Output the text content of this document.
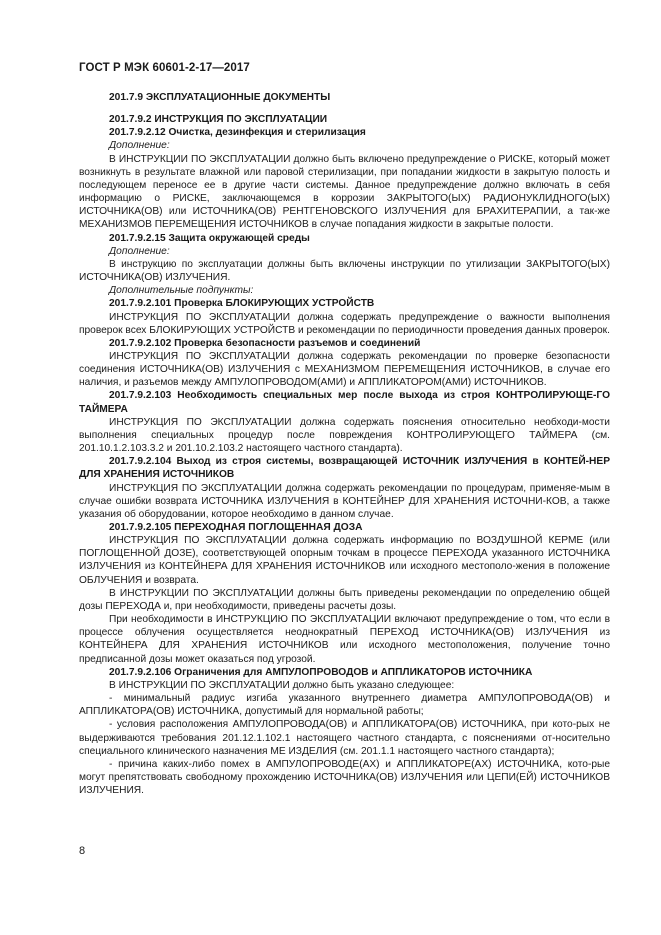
ГОСТ Р МЭК 60601-2-17—2017

201.7.9 ЭКСПЛУАТАЦИОННЫЕ ДОКУМЕНТЫ

201.7.9.2 ИНСТРУКЦИЯ ПО ЭКСПЛУАТАЦИИ

201.7.9.2.12 Очистка, дезинфекция и стерилизация

Дополнение:

В ИНСТРУКЦИИ ПО ЭКСПЛУАТАЦИИ должно быть включено предупреждение о РИСКЕ, который может возникнуть в результате влажной или паровой стерилизации, при попадании жидкости в закрытую полость и последующем переносе ее в другие части системы. Данное предупреждение должно включать в себя информацию о РИСКЕ, заключающемся в коррозии ЗАКРЫТОГО(ЫХ) РАДИОНУКЛИДНОГО(ЫХ) ИСТОЧНИКА(ОВ) или ИСТОЧНИКА(ОВ) РЕНТГЕНОВСКОГО ИЗЛУЧЕНИЯ для БРАХИТЕРАПИИ, а так-же МЕХАНИЗМОВ ПЕРЕМЕЩЕНИЯ ИСТОЧНИКОВ в случае попадания жидкости в закрытые полости.

201.7.9.2.15 Защита окружающей среды

Дополнение:

В инструкцию по эксплуатации должны быть включены инструкции по утилизации ЗАКРЫТОГО(ЫХ) ИСТОЧНИКА(ОВ) ИЗЛУЧЕНИЯ.

Дополнительные подпункты:

201.7.9.2.101 Проверка БЛОКИРУЮЩИХ УСТРОЙСТВ

ИНСТРУКЦИЯ ПО ЭКСПЛУАТАЦИИ должна содержать предупреждение о важности выполнения проверок всех БЛОКИРУЮЩИХ УСТРОЙСТВ и рекомендации по периодичности проведения данных проверок.

201.7.9.2.102 Проверка безопасности разъемов и соединений

ИНСТРУКЦИЯ ПО ЭКСПЛУАТАЦИИ должна содержать рекомендации по проверке безопасности соединения ИСТОЧНИКА(ОВ) ИЗЛУЧЕНИЯ с МЕХАНИЗМОМ ПЕРЕМЕЩЕНИЯ ИСТОЧНИКОВ, в случае его наличия, и разъемов между АМПУЛОПРОВОДОМ(АМИ) и АППЛИКАТОРОМ(АМИ) ИСТОЧНИКОВ.

201.7.9.2.103 Необходимость специальных мер после выхода из строя КОНТРОЛИРУЮЩЕ-ГО ТАЙМЕРА

ИНСТРУКЦИЯ ПО ЭКСПЛУАТАЦИИ должна содержать пояснения относительно необходи-мости выполнения специальных процедур после повреждения КОНТРОЛИРУЮЩЕГО ТАЙМЕРА (см. 201.10.1.2.103.3.2 и 201.10.2.103.2 настоящего частного стандарта).

201.7.9.2.104 Выход из строя системы, возвращающей ИСТОЧНИК ИЗЛУЧЕНИЯ в КОНТЕЙ-НЕР ДЛЯ ХРАНЕНИЯ ИСТОЧНИКОВ

ИНСТРУКЦИЯ ПО ЭКСПЛУАТАЦИИ должна содержать рекомендации по процедурам, применяе-мым в случае ошибки возврата ИСТОЧНИКА ИЗЛУЧЕНИЯ в КОНТЕЙНЕР ДЛЯ ХРАНЕНИЯ ИСТОЧНИ-КОВ, а также указания об оборудовании, которое необходимо в данном случае.

201.7.9.2.105 ПЕРЕХОДНАЯ ПОГЛОЩЕННАЯ ДОЗА

ИНСТРУКЦИЯ ПО ЭКСПЛУАТАЦИИ должна содержать информацию по ВОЗДУШНОЙ КЕРМЕ (или ПОГЛОЩЕННОЙ ДОЗЕ), соответствующей опорным точкам в процессе ПЕРЕХОДА указанного ИСТОЧНИКА ИЗЛУЧЕНИЯ из КОНТЕЙНЕРА ДЛЯ ХРАНЕНИЯ ИСТОЧНИКОВ или исходного местополо-жения в положение ОБЛУЧЕНИЯ и возврата.

В ИНСТРУКЦИИ ПО ЭКСПЛУАТАЦИИ должны быть приведены рекомендации по определению общей дозы ПЕРЕХОДА и, при необходимости, приведены расчеты дозы.

При необходимости в ИНСТРУКЦИЮ ПО ЭКСПЛУАТАЦИИ включают предупреждение о том, что если в процессе облучения осуществляется неоднократный ПЕРЕХОД ИСТОЧНИКА(ОВ) ИЗЛУЧЕНИЯ из КОНТЕЙНЕРА ДЛЯ ХРАНЕНИЯ ИСТОЧНИКОВ или исходного местоположения, получение точно предписанной дозы может оказаться под угрозой.

201.7.9.2.106 Ограничения для АМПУЛОПРОВОДОВ и АППЛИКАТОРОВ ИСТОЧНИКА

В ИНСТРУКЦИИ ПО ЭКСПЛУАТАЦИИ должно быть указано следующее:

- минимальный радиус изгиба указанного внутреннего диаметра АМПУЛОПРОВОДА(ОВ) и АППЛИКАТОРА(ОВ) ИСТОЧНИКА, допустимый для нормальной работы;

- условия расположения АМПУЛОПРОВОДА(ОВ) и АППЛИКАТОРА(ОВ) ИСТОЧНИКА, при кото-рых не выдерживаются требования 201.12.1.102.1 настоящего частного стандарта, с пояснениями от-носительно специального клинического назначения МЕ ИЗДЕЛИЯ (см. 201.1.1 настоящего частного стандарта);

- причина каких-либо помех в АМПУЛОПРОВОДЕ(АХ) и АППЛИКАТОРЕ(АХ) ИСТОЧНИКА, кото-рые могут препятствовать свободному прохождению ИСТОЧНИКА(ОВ) ИЗЛУЧЕНИЯ или ЦЕПИ(ЕЙ) ИСТОЧНИКОВ ИЗЛУЧЕНИЯ.

8
